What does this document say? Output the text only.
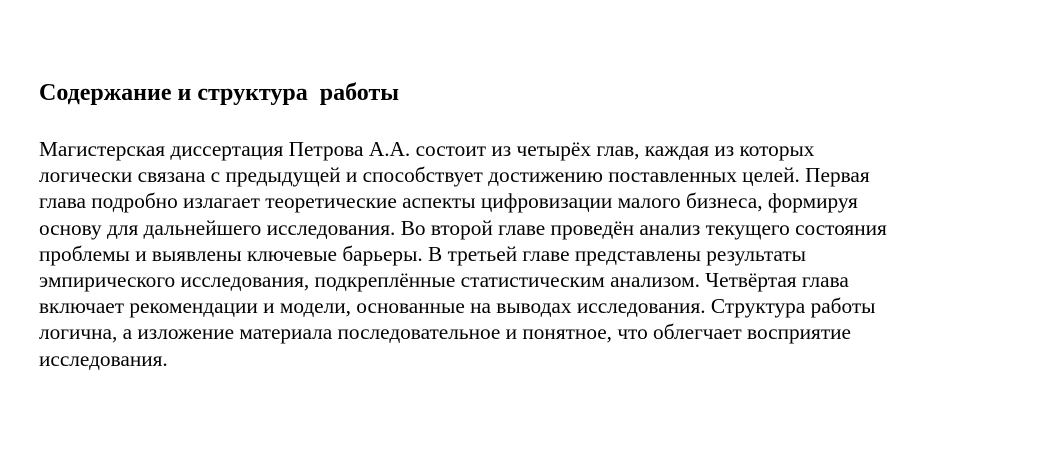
Содержание и структура  работы

Магистерская диссертация Петрова А.А. состоит из четырёх глав, каждая из которых
логически связана с предыдущей и способствует достижению поставленных целей. Первая
глава подробно излагает теоретические аспекты цифровизации малого бизнеса, формируя
основу для дальнейшего исследования. Во второй главе проведён анализ текущего состояния
проблемы и выявлены ключевые барьеры. В третьей главе представлены результаты
эмпирического исследования, подкреплённые статистическим анализом. Четвёртая глава
включает рекомендации и модели, основанные на выводах исследования. Структура работы
логична, а изложение материала последовательное и понятное, что облегчает восприятие
исследования.
